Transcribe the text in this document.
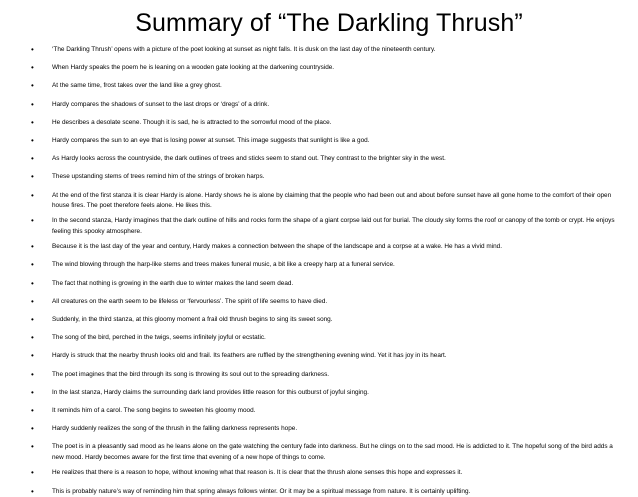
Summary of “The Darkling Thrush”
•	‘The Darkling Thrush’ opens with a picture of the poet looking at sunset as night falls. It is dusk on the last day of the nineteenth century.
•	When Hardy speaks the poem he is leaning on a wooden gate looking at the darkening countryside.
•	At the same time, frost takes over the land like a grey ghost.
•	Hardy compares the shadows of sunset to the last drops or ‘dregs’ of a drink.
•	He describes a desolate scene. Though it is sad, he is attracted to the sorrowful mood of the place.
•	Hardy compares the sun to an eye that is losing power at sunset. This image suggests that sunlight is like a god.
•	As Hardy looks across the countryside, the dark outlines of trees and sticks seem to stand out. They contrast to the brighter sky in the west.
•	These upstanding stems of trees remind him of the strings of broken harps.
•	At the end of the first stanza it is clear Hardy is alone. Hardy shows he is alone by claiming that the people who had been out and about before sunset have all gone home to the comfort of their open house fires. The poet therefore feels alone. He likes this.
•	In the second stanza, Hardy imagines that the dark outline of hills and rocks form the shape of a giant corpse laid out for burial. The cloudy sky forms the roof or canopy of the tomb or crypt. He enjoys feeling this spooky atmosphere.
•	Because it is the last day of the year and century, Hardy makes a connection between the shape of the landscape and a corpse at a wake. He has a vivid mind.
•	The wind blowing through the harp-like stems and trees makes funeral music, a bit like a creepy harp at a funeral service.
•	The fact that nothing is growing in the earth due to winter makes the land seem dead.
•	All creatures on the earth seem to be lifeless or ‘fervourless’. The spirit of life seems to have died.
•	Suddenly, in the third stanza, at this gloomy moment a frail old thrush begins to sing its sweet song.
•	The song of the bird, perched in the twigs, seems infinitely joyful or ecstatic.
•	Hardy is struck that the nearby thrush looks old and frail. Its feathers are ruffled by the strengthening evening wind. Yet it has joy in its heart.
•	The poet imagines that the bird through its song is throwing its soul out to the spreading darkness.
•	In the last stanza, Hardy claims the surrounding dark land provides little reason for this outburst of joyful singing.
•	It reminds him of a carol. The song begins to sweeten his gloomy mood.
•	Hardy suddenly realizes the song of the thrush in the falling darkness represents hope.
•	The poet is in a pleasantly sad mood as he leans alone on the gate watching the century fade into darkness. But he clings on to the sad mood. He is addicted to it. The hopeful song of the bird adds a new mood. Hardy becomes aware for the first time that evening of a new hope of things to come.
•	He realizes that there is a reason to hope, without knowing what that reason is. It is clear that the thrush alone senses this hope and expresses it.
•	This is probably nature’s way of reminding him that spring always follows winter. Or it may be a spiritual message from nature. It is certainly uplifting.
